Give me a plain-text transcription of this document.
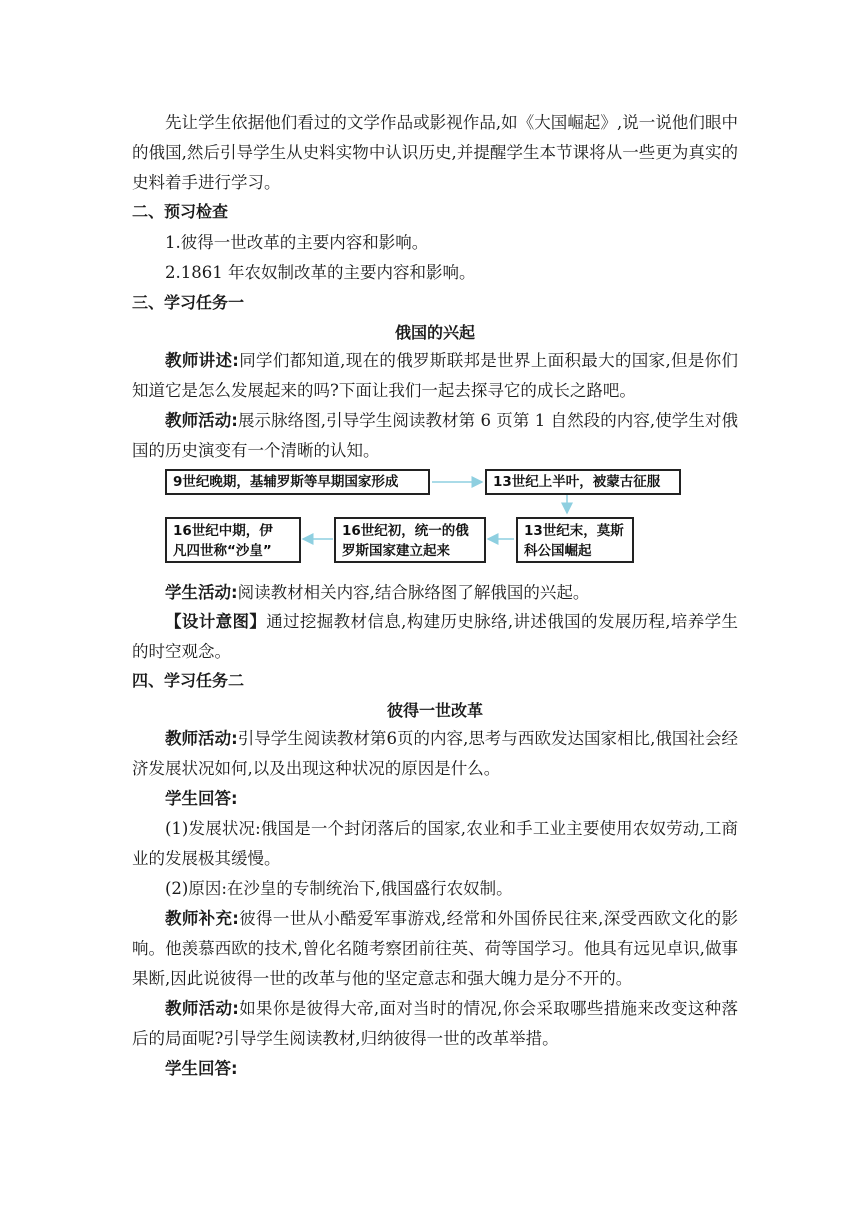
先让学生依据他们看过的文学作品或影视作品,如《大国崛起》,说一说他们眼中的俄国,然后引导学生从史料实物中认识历史,并提醒学生本节课将从一些更为真实的史料着手进行学习。
二、预习检查
1.彼得一世改革的主要内容和影响。
2.1861 年农奴制改革的主要内容和影响。
三、学习任务一
俄国的兴起
教师讲述:同学们都知道,现在的俄罗斯联邦是世界上面积最大的国家,但是你们知道它是怎么发展起来的吗?下面让我们一起去探寻它的成长之路吧。
教师活动:展示脉络图,引导学生阅读教材第 6 页第 1 自然段的内容,使学生对俄国的历史演变有一个清晰的认知。
9世纪晚期，基辅罗斯等早期国家形成	13世纪上半叶，被蒙古征服
13世纪末，莫斯
科公国崛起
16世纪初，统一的俄
罗斯国家建立起来
16世纪中期，伊
凡四世称“沙皇”
学生活动:阅读教材相关内容,结合脉络图了解俄国的兴起。
【设计意图】通过挖掘教材信息,构建历史脉络,讲述俄国的发展历程,培养学生的时空观念。
四、学习任务二
彼得一世改革
教师活动:引导学生阅读教材第6页的内容,思考与西欧发达国家相比,俄国社会经济发展状况如何,以及出现这种状况的原因是什么。
学生回答:
(1)发展状况:俄国是一个封闭落后的国家,农业和手工业主要使用农奴劳动,工商业的发展极其缓慢。
(2)原因:在沙皇的专制统治下,俄国盛行农奴制。
教师补充:彼得一世从小酷爱军事游戏,经常和外国侨民往来,深受西欧文化的影响。他羡慕西欧的技术,曾化名随考察团前往英、荷等国学习。他具有远见卓识,做事果断,因此说彼得一世的改革与他的坚定意志和强大魄力是分不开的。
教师活动:如果你是彼得大帝,面对当时的情况,你会采取哪些措施来改变这种落后的局面呢?引导学生阅读教材,归纳彼得一世的改革举措。
学生回答:
